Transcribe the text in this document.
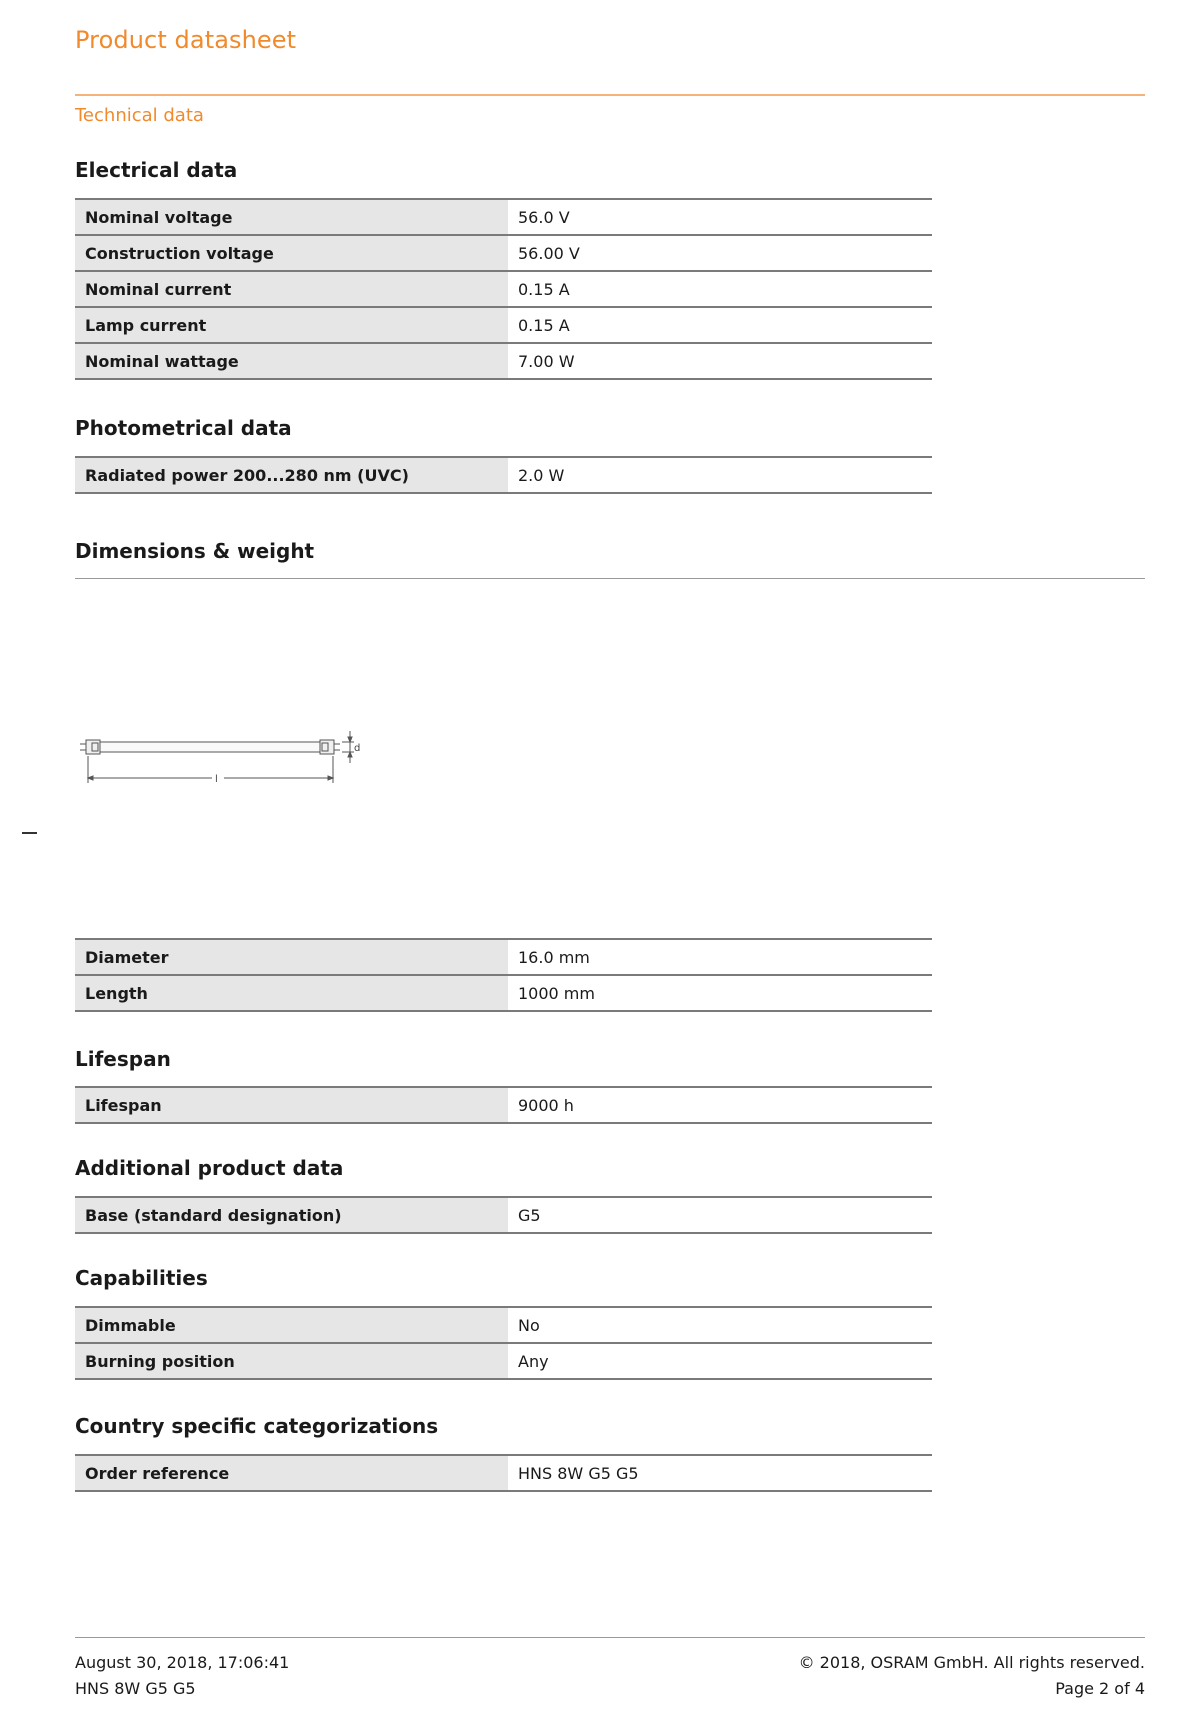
Product datasheet
Technical data
Electrical data
Nominal voltage	56.0 V
Construction voltage	56.00 V
Nominal current	0.15 A
Lamp current	0.15 A
Nominal wattage	7.00 W
Photometrical data
Radiated power 200...280 nm (UVC)	2.0 W
Dimensions & weight
l
d
Diameter	16.0 mm
Length	1000 mm
Lifespan
Lifespan	9000 h
Additional product data
Base (standard designation)	G5
Capabilities
Dimmable	No
Burning position	Any
Country specific categorizations
Order reference	HNS 8W G5 G5
August 30, 2018, 17:06:41
HNS 8W G5 G5
© 2018, OSRAM GmbH. All rights reserved.
Page 2 of 4
